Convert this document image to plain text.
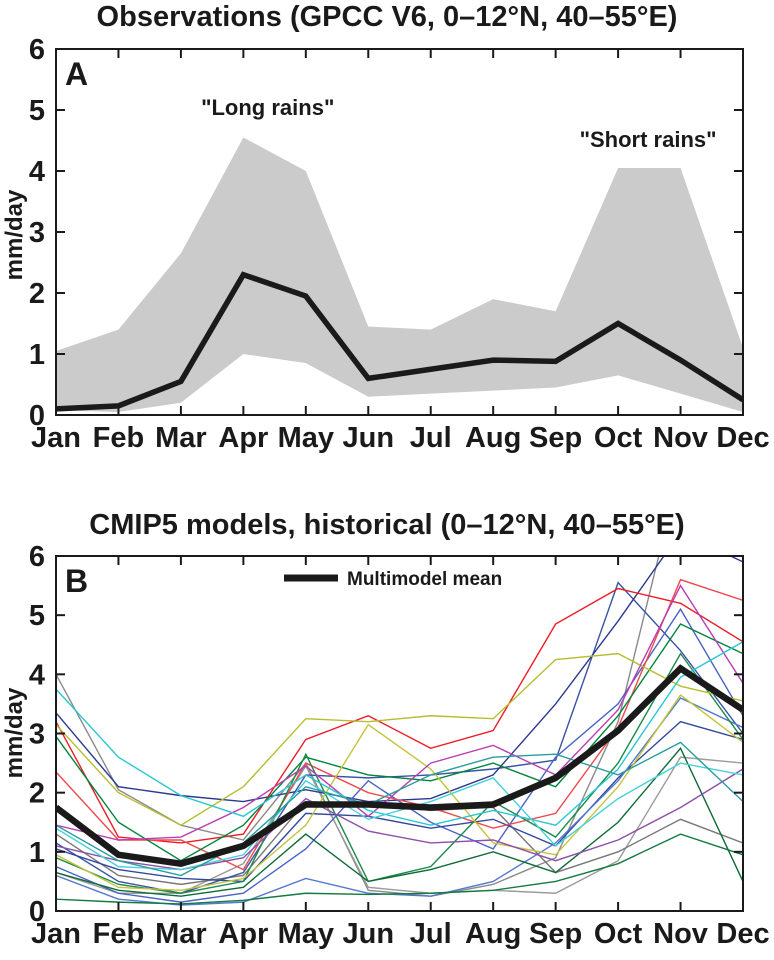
Observations (GPCC V6, 0–12°N, 40–55°E)
mm/day
CMIP5 models, historical (0–12°N, 40–55°E)
mm/day
Jan Feb Mar Apr May Jun Jul Aug Sep Oct Nov Dec
0
1
2
3
4
5
6
A
"Long rains"
"Short rains"
Jan Feb Mar Apr May Jun Jul Aug Sep Oct Nov Dec
0
1
2
3
4
5
6
B	Multimodel mean
